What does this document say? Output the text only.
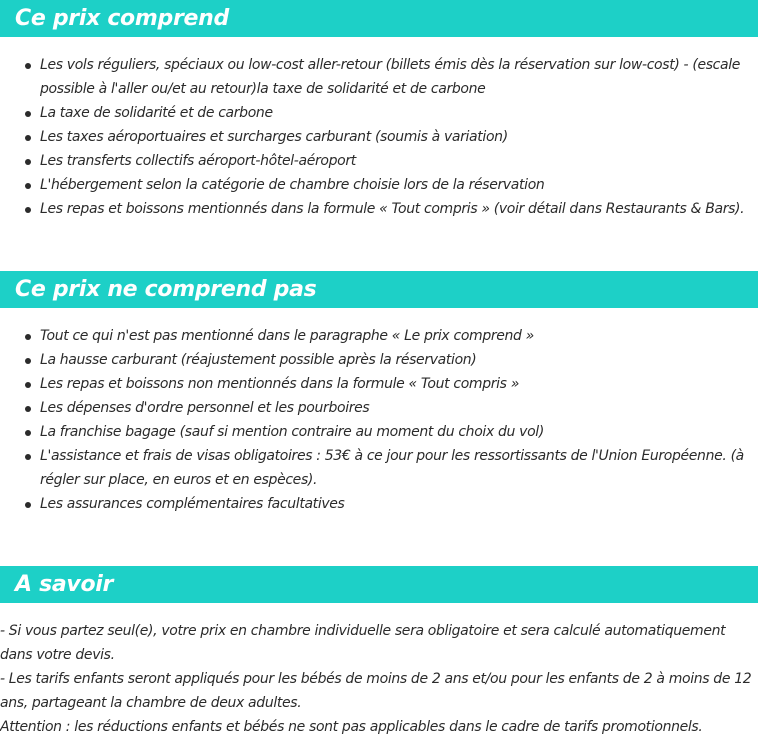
Ce prix comprend
Les vols réguliers, spéciaux ou low-cost aller-retour (billets émis dès la réservation sur low-cost) - (escale possible à l'aller ou/et au retour)la taxe de solidarité et de carbone
La taxe de solidarité et de carbone
Les taxes aéroportuaires et surcharges carburant (soumis à variation)
Les transferts collectifs aéroport-hôtel-aéroport
L'hébergement selon la catégorie de chambre choisie lors de la réservation
Les repas et boissons mentionnés dans la formule « Tout compris » (voir détail dans Restaurants & Bars).
Ce prix ne comprend pas
Tout ce qui n'est pas mentionné dans le paragraphe « Le prix comprend »
La hausse carburant (réajustement possible après la réservation)
Les repas et boissons non mentionnés dans la formule « Tout compris »
Les dépenses d'ordre personnel et les pourboires
La franchise bagage (sauf si mention contraire au moment du choix du vol)
L'assistance et frais de visas obligatoires : 53€ à ce jour pour les ressortissants de l'Union Européenne. (à régler sur place, en euros et en espèces).
Les assurances complémentaires facultatives
A savoir

- Si vous partez seul(e), votre prix en chambre individuelle sera obligatoire et sera calculé automatiquement dans votre devis.

- Les tarifs enfants seront appliqués pour les bébés de moins de 2 ans et/ou pour les enfants de 2 à moins de 12 ans, partageant la chambre de deux adultes.

Attention : les réductions enfants et bébés ne sont pas applicables dans le cadre de tarifs promotionnels.
